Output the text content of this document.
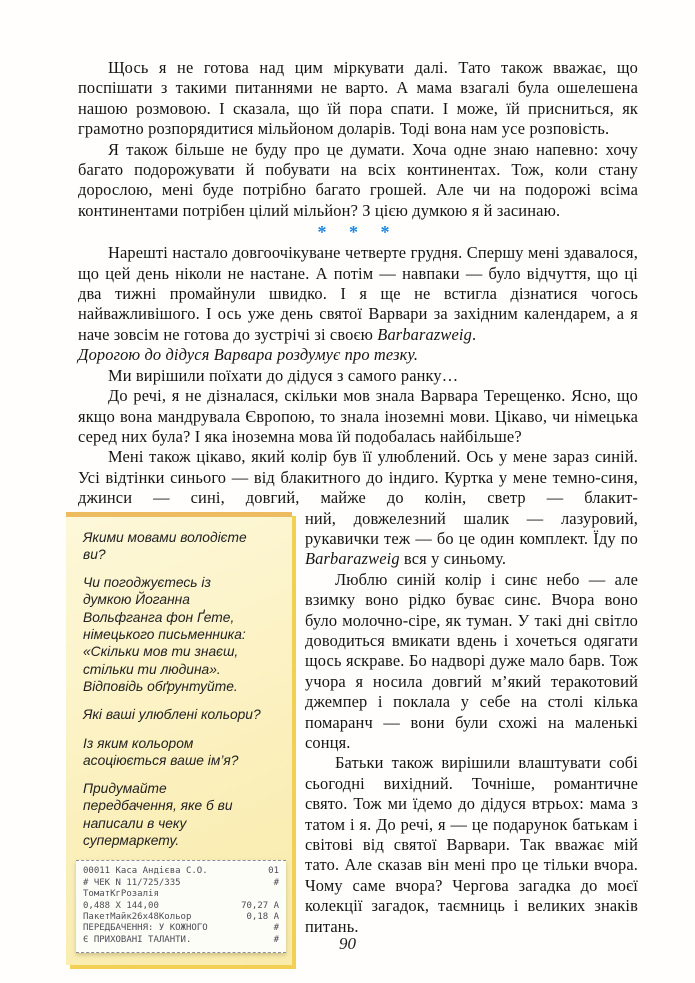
Щось я не готова над цим міркувати далі. Тато також вважає, що поспішати з такими питаннями не варто. А мама взагалі була ошелешена нашою розмовою. І сказала, що їй пора спати. І може, їй присниться, як грамотно розпорядитися мільйоном доларів. Тоді вона нам усе розповість.

Я також більше не буду про це думати. Хоча одне знаю напевно: хочу багато подорожувати й побувати на всіх континентах. Тож, коли стану дорослою, мені буде потрібно багато грошей. Але чи на подорожі всіма континентами потрібен цілий мільйон? З цією думкою я й засинаю.

* * *

Нарешті настало довгоочікуване четверте грудня. Спершу мені здавалося, що цей день ніколи не настане. А потім — навпаки — було відчуття, що ці два тижні промайнули швидко. І я ще не встигла дізнатися чогось найважливішого. І ось уже день святої Варвари за західним календарем, а я наче зовсім не готова до зустрічі зі своєю Barbarazweig.

Дорогою до дідуся Варвара роздумує про тезку.

Ми вирішили поїхати до дідуся з самого ранку…

До речі, я не дізналася, скільки мов знала Варвара Терещенко. Ясно, що якщо вона мандрувала Європою, то знала іноземні мови. Цікаво, чи німецька серед них була? І яка іноземна мова їй подобалась найбільше?

Мені також цікаво, який колір був її улюблений. Ось у мене зараз синій. Усі відтінки синього — від блакитного до індиго. Куртка у мене темно-синя, джинси — сині, довгий, майже до колін, светр — блакит-

Якими мовами володієте ви?

Чи погоджуєтесь із думкою Йоганна Вольфганга фон Ґете, німецького письменника: «Скільки мов ти знаєш, стільки ти людина». Відповідь обґрунтуйте.

Які ваші улюблені кольори?

Із яким кольором асоціюється ваше ім’я?

Придумайте передбачення, яке б ви написали в чеку супермаркету.

00011 Каса Андієва С.О.	01
# ЧЕК N 11/725/335	#
ТоматКгРозалія
0,488 X 144,00	70,27 А
ПакетМайк26х48Кольор	0,18 А
ПЕРЕДБАЧЕННЯ: У КОЖНОГО	#
Є ПРИХОВАНІ ТАЛАНТИ.	#

ний, довжелезний шалик — лазуровий, рукавички теж — бо це один комплект. Їду по Barbarazweig вся у синьому.

Люблю синій колір і синє небо — але взимку воно рідко буває синє. Вчора воно було молочно-сіре, як туман. У такі дні світло доводиться вмикати вдень і хочеться одягати щось яскраве. Бо надворі дуже мало барв. Тож учора я носила довгий м’який теракотовий джемпер і поклала у себе на столі кілька помаранч — вони були схожі на маленькі сонця.

Батьки також вирішили влаштувати собі сьогодні вихідний. Точніше, романтичне свято. Тож ми їдемо до дідуся втрьох: мама з татом і я. До речі, я — це подарунок батькам і світові від святої Варвари. Так вважає мій тато. Але сказав він мені про це тільки вчора. Чому саме вчора? Чергова загадка до моєї колекції загадок, таємниць і великих знаків питань.

90
